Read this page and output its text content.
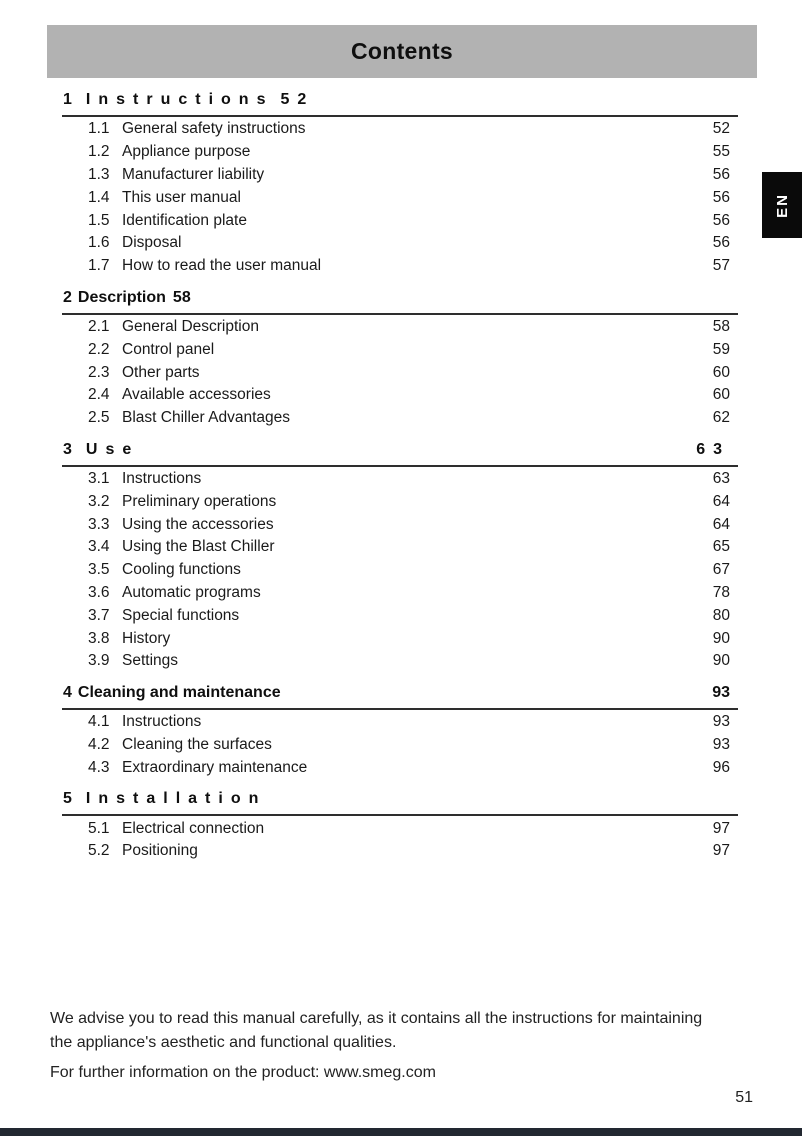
Contents
1 Instructions 52
1.1 General safety instructions	52
1.2 Appliance purpose	55
1.3 Manufacturer liability	56
1.4 This user manual	56
1.5 Identification plate	56
1.6 Disposal	56
1.7 How to read the user manual	57
2 Description 58
2.1 General Description	58
2.2 Control panel	59
2.3 Other parts	60
2.4 Available accessories	60
2.5 Blast Chiller Advantages	62
3 Use	63
3.1 Instructions	63
3.2 Preliminary operations	64
3.3 Using the accessories	64
3.4 Using the Blast Chiller	65
3.5 Cooling functions	67
3.6 Automatic programs	78
3.7 Special functions	80
3.8 History	90
3.9 Settings	90
4 Cleaning and maintenance	93
4.1 Instructions	93
4.2 Cleaning the surfaces	93
4.3 Extraordinary maintenance	96
5 Installation
5.1 Electrical connection	97
5.2 Positioning	97
EN
We advise you to read this manual carefully, as it contains all the instructions for maintaining
the appliance's aesthetic and functional qualities.
For further information on the product: www.smeg.com
51
